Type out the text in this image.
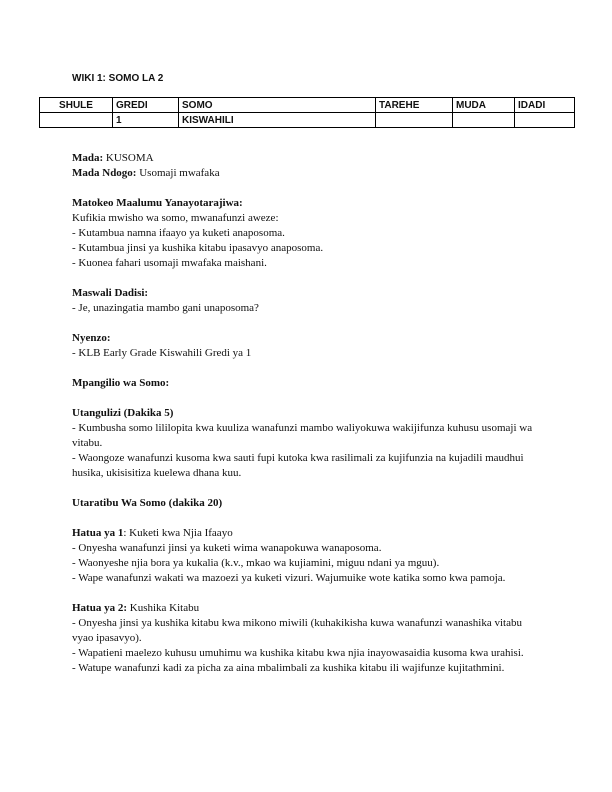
WIKI 1: SOMO LA 2
SHULE	GREDI	SOMO	TAREHE	MUDA	IDADI
	1	KISWAHILI			

Mada: KUSOMA
Mada Ndogo: Usomaji mwafaka

Matokeo Maalumu Yanayotarajiwa:
Kufikia mwisho wa somo, mwanafunzi aweze:
- Kutambua namna ifaayo ya kuketi anaposoma.
- Kutambua jinsi ya kushika kitabu ipasavyo anaposoma.
- Kuonea fahari usomaji mwafaka maishani.

Maswali Dadisi:
- Je, unazingatia mambo gani unaposoma?

Nyenzo:
- KLB Early Grade Kiswahili Gredi ya 1

Mpangilio wa Somo:

Utangulizi (Dakika 5)
- Kumbusha somo lililopita kwa kuuliza wanafunzi mambo waliyokuwa wakijifunza kuhusu usomaji wa vitabu.
- Waongoze wanafunzi kusoma kwa sauti fupi kutoka kwa rasilimali za kujifunzia na kujadili maudhui husika, ukisisitiza kuelewa dhana kuu.

Utaratibu Wa Somo (dakika 20)

Hatua ya 1: Kuketi kwa Njia Ifaayo
- Onyesha wanafunzi jinsi ya kuketi wima wanapokuwa wanaposoma.
- Waonyeshe njia bora ya kukalia (k.v., mkao wa kujiamini, miguu ndani ya mguu).
- Wape wanafunzi wakati wa mazoezi ya kuketi vizuri. Wajumuike wote katika somo kwa pamoja.

Hatua ya 2: Kushika Kitabu
- Onyesha jinsi ya kushika kitabu kwa mikono miwili (kuhakikisha kuwa wanafunzi wanashika vitabu vyao ipasavyo).
- Wapatieni maelezo kuhusu umuhimu wa kushika kitabu kwa njia inayowasaidia kusoma kwa urahisi.
- Watupe wanafunzi kadi za picha za aina mbalimbali za kushika kitabu ili wajifunze kujitathmini.
